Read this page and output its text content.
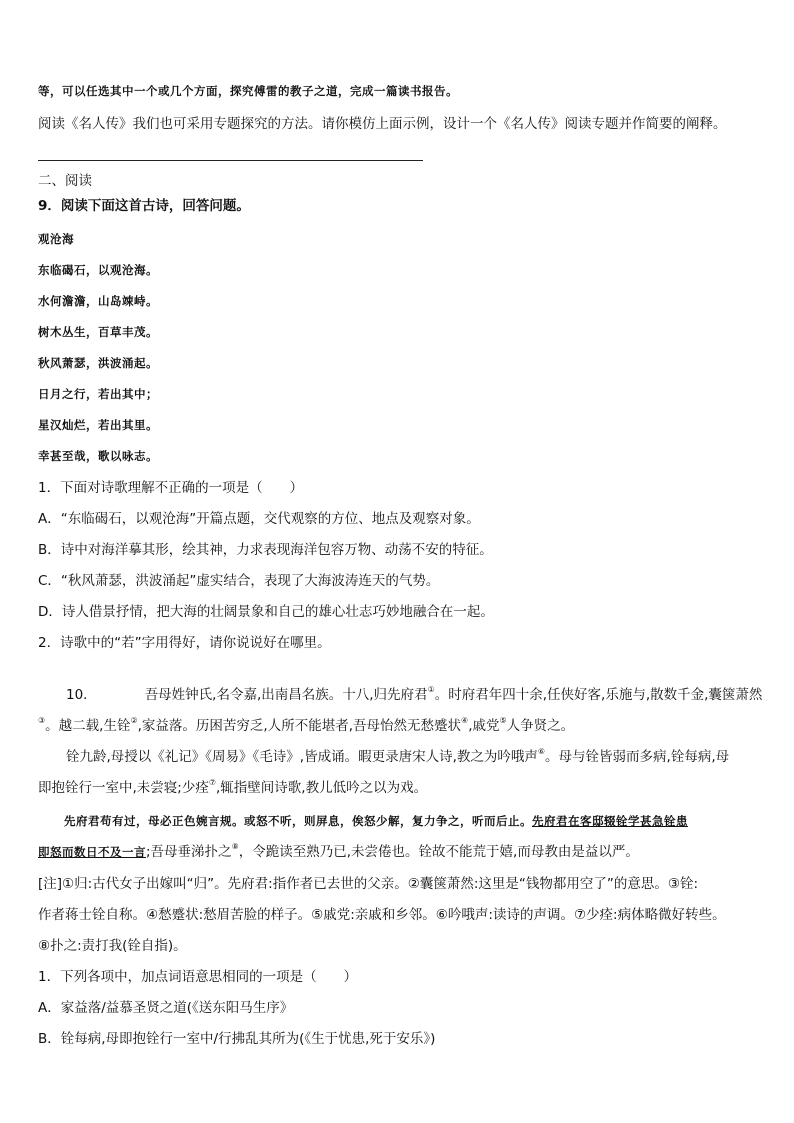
等，可以任选其中一个或几个方面，探究傅雷的教子之道，完成一篇读书报告。
阅读《名人传》我们也可采用专题探究的方法。请你模仿上面示例，设计一个《名人传》阅读专题并作简要的阐释。
二、阅读
9．阅读下面这首古诗，回答问题。
观沧海
东临碣石，以观沧海。
水何澹澹，山岛竦峙。
树木丛生，百草丰茂。
秋风萧瑟，洪波涌起。
日月之行，若出其中；
星汉灿烂，若出其里。
幸甚至哉，歌以咏志。
1．下面对诗歌理解不正确的一项是（　　）
A．“东临碣石，以观沧海”开篇点题，交代观察的方位、地点及观察对象。
B．诗中对海洋摹其形，绘其神，力求表现海洋包容万物、动荡不安的特征。
C．“秋风萧瑟，洪波涌起”虚实结合，表现了大海波涛连天的气势。
D．诗人借景抒情，把大海的壮阔景象和自己的雄心壮志巧妙地融合在一起。
2．诗歌中的“若”字用得好，请你说说好在哪里。
10．	吾母姓钟氏,名令嘉,出南昌名族。十八,归先府君①。时府君年四十余,任侠好客,乐施与,散数千金,囊箧萧然
③。越二载,生铨②,家益落。历困苦穷乏,人所不能堪者,吾母怡然无愁蹙状④,戚党⑤人争贤之。
铨九龄,母授以《礼记》《周易》《毛诗》,皆成诵。暇更录唐宋人诗,教之为吟哦声⑥。母与铨皆弱而多病,铨每病,母
即抱铨行一室中,未尝寝;少痊⑦,辄指壁间诗歌,教儿低吟之以为戏。
先府君苟有过，母必正色婉言规。或怒不听，则屏息，俟怒少解，复力争之，听而后止。先府君在客邸辍铨学甚急铨患
即怒而数日不及一言;吾母垂涕扑之⑧，令跪读至熟乃已,未尝倦也。铨故不能荒于嬉,而母教由是益以严。
[注]①归:古代女子出嫁叫“归”。先府君:指作者已去世的父亲。②囊箧萧然:这里是“钱物都用空了”的意思。③铨:
作者蒋士铨自称。④愁蹙状:愁眉苦脸的样子。⑤戚党:亲戚和乡邻。⑥吟哦声:读诗的声调。⑦少痊:病体略微好转些。
⑧扑之:责打我(铨自指)。
1．下列各项中，加点词语意思相同的一项是（　　）
A．家益落/益慕圣贤之道(《送东阳马生序》
B．铨每病,母即抱铨行一室中/行拂乱其所为(《生于忧患,死于安乐》)
